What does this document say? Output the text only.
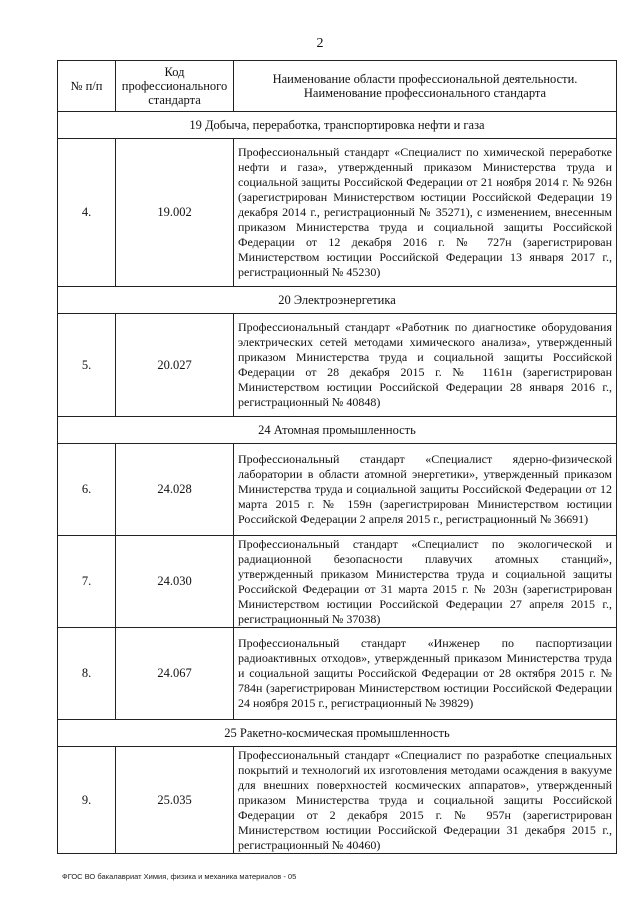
2
№ п/п	Код профессионального стандарта	Наименование области профессиональной деятельности.
Наименование профессионального стандарта
19 Добыча, переработка, транспортировка нефти и газа		
4.	19.002	Профессиональный стандарт «Специалист по химической переработке нефти и газа», утвержденный приказом Министерства труда и социальной защиты Российской Федерации от 21 ноября 2014 г. № 926н (зарегистрирован Министерством юстиции Российской Федерации 19 декабря 2014 г., регистрационный № 35271), с изменением, внесенным приказом Министерства труда и социальной защиты Российской Федерации от 12 декабря 2016 г. № 727н (зарегистрирован Министерством юстиции Российской Федерации 13 января 2017 г., регистрационный № 45230)
20 Электроэнергетика		
5.	20.027	Профессиональный стандарт «Работник по диагностике оборудования электрических сетей методами химического анализа», утвержденный приказом Министерства труда и социальной защиты Российской Федерации от 28 декабря 2015 г. № 1161н (зарегистрирован Министерством юстиции Российской Федерации 28 января 2016 г., регистрационный № 40848)
24 Атомная промышленность		
6.	24.028	Профессиональный стандарт «Специалист ядерно-физической лаборатории в области атомной энергетики», утвержденный приказом Министерства труда и социальной защиты Российской Федерации от 12 марта 2015 г. № 159н (зарегистрирован Министерством юстиции Российской Федерации 2 апреля 2015 г., регистрационный № 36691)
7.	24.030	Профессиональный стандарт «Специалист по экологической и радиационной безопасности плавучих атомных станций», утвержденный приказом Министерства труда и социальной защиты Российской Федерации от 31 марта 2015 г. № 203н (зарегистрирован Министерством юстиции Российской Федерации 27 апреля 2015 г., регистрационный № 37038)
8.	24.067	Профессиональный стандарт «Инженер по паспортизации радиоактивных отходов», утвержденный приказом Министерства труда и социальной защиты Российской Федерации от 28 октября 2015 г. № 784н (зарегистрирован Министерством юстиции Российской Федерации 24 ноября 2015 г., регистрационный № 39829)
25 Ракетно-космическая промышленность		
9.	25.035	Профессиональный стандарт «Специалист по разработке специальных покрытий и технологий их изготовления методами осаждения в вакууме для внешних поверхностей космических аппаратов», утвержденный приказом Министерства труда и социальной защиты Российской Федерации от 2 декабря 2015 г. № 957н (зарегистрирован Министерством юстиции Российской Федерации 31 декабря 2015 г., регистрационный № 40460)
ФГОС ВО бакалавриат Химия, физика и механика материалов - 05
